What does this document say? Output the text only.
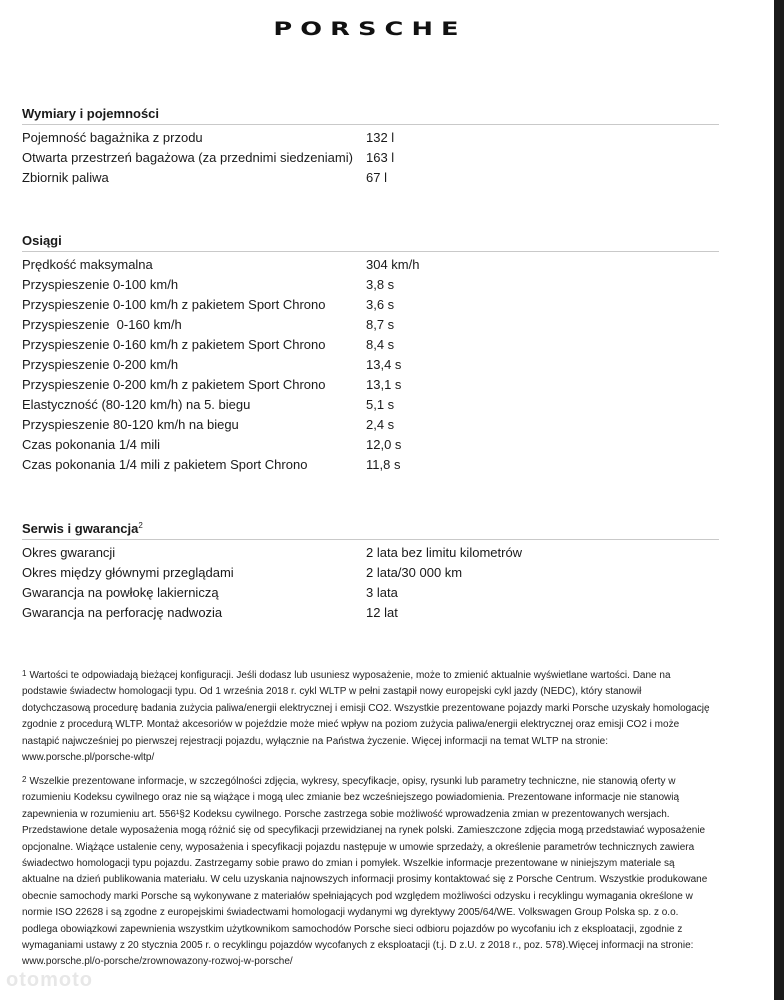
PORSCHE
Wymiary i pojemności
Pojemność bagażnika z przodu	132 l
Otwarta przestrzeń bagażowa (za przednimi siedzeniami)	163 l
Zbiornik paliwa	67 l
Osiągi
Prędkość maksymalna	304 km/h
Przyspieszenie 0-100 km/h	3,8 s
Przyspieszenie 0-100 km/h z pakietem Sport Chrono	3,6 s
Przyspieszenie  0-160 km/h	8,7 s
Przyspieszenie 0-160 km/h z pakietem Sport Chrono	8,4 s
Przyspieszenie 0-200 km/h	13,4 s
Przyspieszenie 0-200 km/h z pakietem Sport Chrono	13,1 s
Elastyczność (80-120 km/h) na 5. biegu	5,1 s
Przyspieszenie 80-120 km/h na biegu	2,4 s
Czas pokonania 1/4 mili	12,0 s
Czas pokonania 1/4 mili z pakietem Sport Chrono	11,8 s
Serwis i gwarancja$^2$
Okres gwarancji	2 lata bez limitu kilometrów
Okres między głównymi przeglądami	2 lata/30 000 km
Gwarancja na powłokę lakierniczą	3 lata
Gwarancja na perforację nadwozia	12 lat
$^1$ Wartości te odpowiadają bieżącej konfiguracji. Jeśli dodasz lub usuniesz wyposażenie, może to zmienić aktualnie wyświetlane wartości. Dane na podstawie świadectw homologacji typu. Od 1 września 2018 r. cykl WLTP w pełni zastąpił nowy europejski cykl jazdy (NEDC), który stanowił dotychczasową procedurę badania zużycia paliwa/energii elektrycznej i emisji CO2. Wszystkie prezentowane pojazdy marki Porsche uzyskały homologację zgodnie z procedurą WLTP. Montaż akcesoriów w pojeździe może mieć wpływ na poziom zużycia paliwa/energii elektrycznej oraz emisji CO2 i może nastąpić najwcześniej po pierwszej rejestracji pojazdu, wyłącznie na Państwa życzenie. Więcej informacji na temat WLTP na stronie: www.porsche.pl/porsche-wltp/
$^2$ Wszelkie prezentowane informacje, w szczególności zdjęcia, wykresy, specyfikacje, opisy, rysunki lub parametry techniczne, nie stanowią oferty w rozumieniu Kodeksu cywilnego oraz nie są wiążące i mogą ulec zmianie bez wcześniejszego powiadomienia. Prezentowane informacje nie stanowią zapewnienia w rozumieniu art. 556¹§2 Kodeksu cywilnego. Porsche zastrzega sobie możliwość wprowadzenia zmian w prezentowanych wersjach. Przedstawione detale wyposażenia mogą różnić się od specyfikacji przewidzianej na rynek polski. Zamieszczone zdjęcia mogą przedstawiać wyposażenie opcjonalne. Wiążące ustalenie ceny, wyposażenia i specyfikacji pojazdu następuje w umowie sprzedaży, a określenie parametrów technicznych zawiera świadectwo homologacji typu pojazdu. Zastrzegamy sobie prawo do zmian i pomyłek. Wszelkie informacje prezentowane w niniejszym materiale są aktualne na dzień publikowania materiału. W celu uzyskania najnowszych informacji prosimy kontaktować się z Porsche Centrum. Wszystkie produkowane obecnie samochody marki Porsche są wykonywane z materiałów spełniających pod względem możliwości odzysku i recyklingu wymagania określone w normie ISO 22628 i są zgodne z europejskimi świadectwami homologacji wydanymi wg dyrektywy 2005/64/WE. Volkswagen Group Polska sp. z o.o. podlega obowiązkowi zapewnienia wszystkim użytkownikom samochodów Porsche sieci odbioru pojazdów po wycofaniu ich z eksploatacji, zgodnie z wymaganiami ustawy z 20 stycznia 2005 r. o recyklingu pojazdów wycofanych z eksploatacji (t.j. D z.U. z 2018 r., poz. 578).Więcej informacji na stronie: www.porsche.pl/o-porsche/zrownowazony-rozwoj-w-porsche/
otomoto
